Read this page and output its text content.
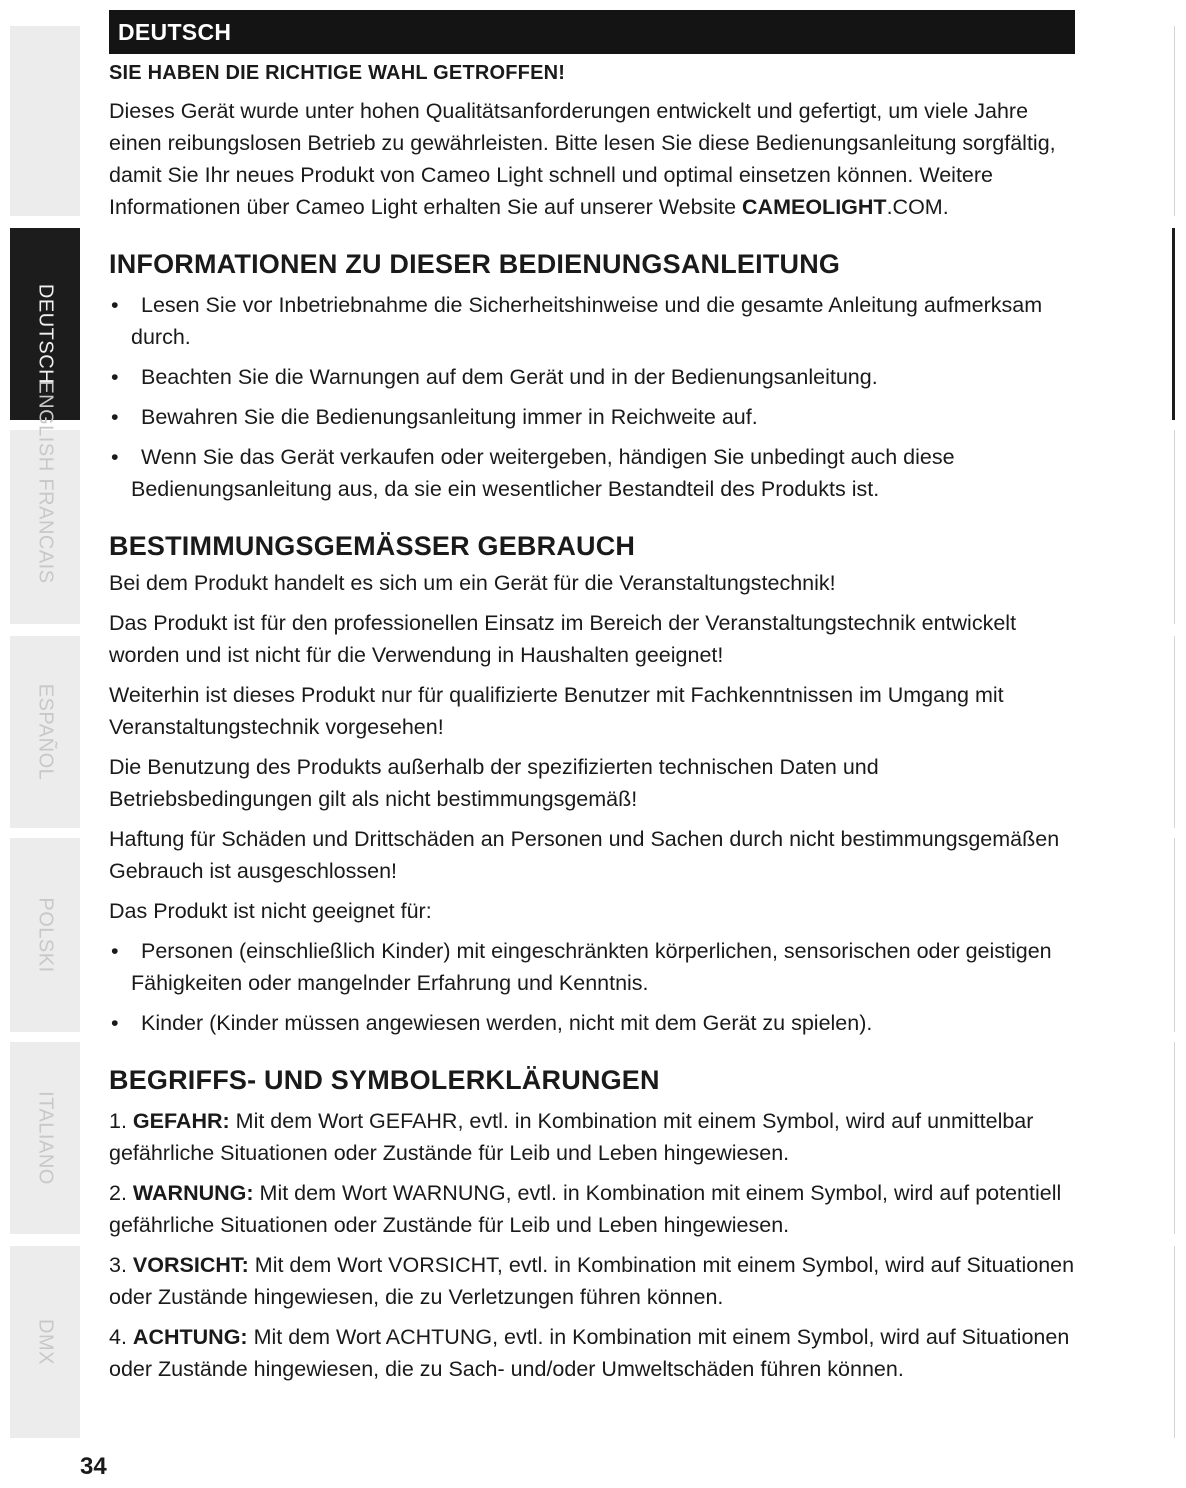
DEUTSCH
ENGLISH
FRANCAIS
ESPAÑOL
POLSKI
ITALIANO
DMX
DEUTSCH
SIE HABEN DIE RICHTIGE WAHL GETROFFEN!

Dieses Gerät wurde unter hohen Qualitätsanforderungen entwickelt und gefertigt, um viele Jahre einen reibungslosen Betrieb zu gewährleisten. Bitte lesen Sie diese Bedienungsanleitung sorgfältig, damit Sie Ihr neues Produkt von Cameo Light schnell und optimal einsetzen können. Weitere Informationen über Cameo Light erhalten Sie auf unserer Website CAMEOLIGHT.COM.

INFORMATIONEN ZU DIESER BEDIENUNGSANLEITUNG
• Lesen Sie vor Inbetriebnahme die Sicherheitshinweise und die gesamte Anleitung aufmerksam durch.
• Beachten Sie die Warnungen auf dem Gerät und in der Bedienungsanleitung.
• Bewahren Sie die Bedienungsanleitung immer in Reichweite auf.
• Wenn Sie das Gerät verkaufen oder weitergeben, händigen Sie unbedingt auch diese Bedienungsanleitung aus, da sie ein wesentlicher Bestandteil des Produkts ist.
BESTIMMUNGSGEMÄSSER GEBRAUCH

Bei dem Produkt handelt es sich um ein Gerät für die Veranstaltungstechnik!

Das Produkt ist für den professionellen Einsatz im Bereich der Veranstaltungstechnik entwickelt worden und ist nicht für die Verwendung in Haushalten geeignet!

Weiterhin ist dieses Produkt nur für qualifizierte Benutzer mit Fachkenntnissen im Umgang mit Veranstaltungstechnik vorgesehen!

Die Benutzung des Produkts außerhalb der spezifizierten technischen Daten und Betriebsbedingungen gilt als nicht bestimmungsgemäß!

Haftung für Schäden und Drittschäden an Personen und Sachen durch nicht bestimmungsgemäßen Gebrauch ist ausgeschlossen!

Das Produkt ist nicht geeignet für:

• Personen (einschließlich Kinder) mit eingeschränkten körperlichen, sensorischen oder geistigen Fähigkeiten oder mangelnder Erfahrung und Kenntnis.
• Kinder (Kinder müssen angewiesen werden, nicht mit dem Gerät zu spielen).
BEGRIFFS- UND SYMBOLERKLÄRUNGEN

1. GEFAHR: Mit dem Wort GEFAHR, evtl. in Kombination mit einem Symbol, wird auf unmittelbar gefährliche Situationen oder Zustände für Leib und Leben hingewiesen.

2. WARNUNG: Mit dem Wort WARNUNG, evtl. in Kombination mit einem Symbol, wird auf potentiell gefährliche Situationen oder Zustände für Leib und Leben hingewiesen.

3. VORSICHT: Mit dem Wort VORSICHT, evtl. in Kombination mit einem Symbol, wird auf Situationen oder Zustände hingewiesen, die zu Verletzungen führen können.

4. ACHTUNG: Mit dem Wort ACHTUNG, evtl. in Kombination mit einem Symbol, wird auf Situationen oder Zustände hingewiesen, die zu Sach- und/oder Umweltschäden führen können.

34
